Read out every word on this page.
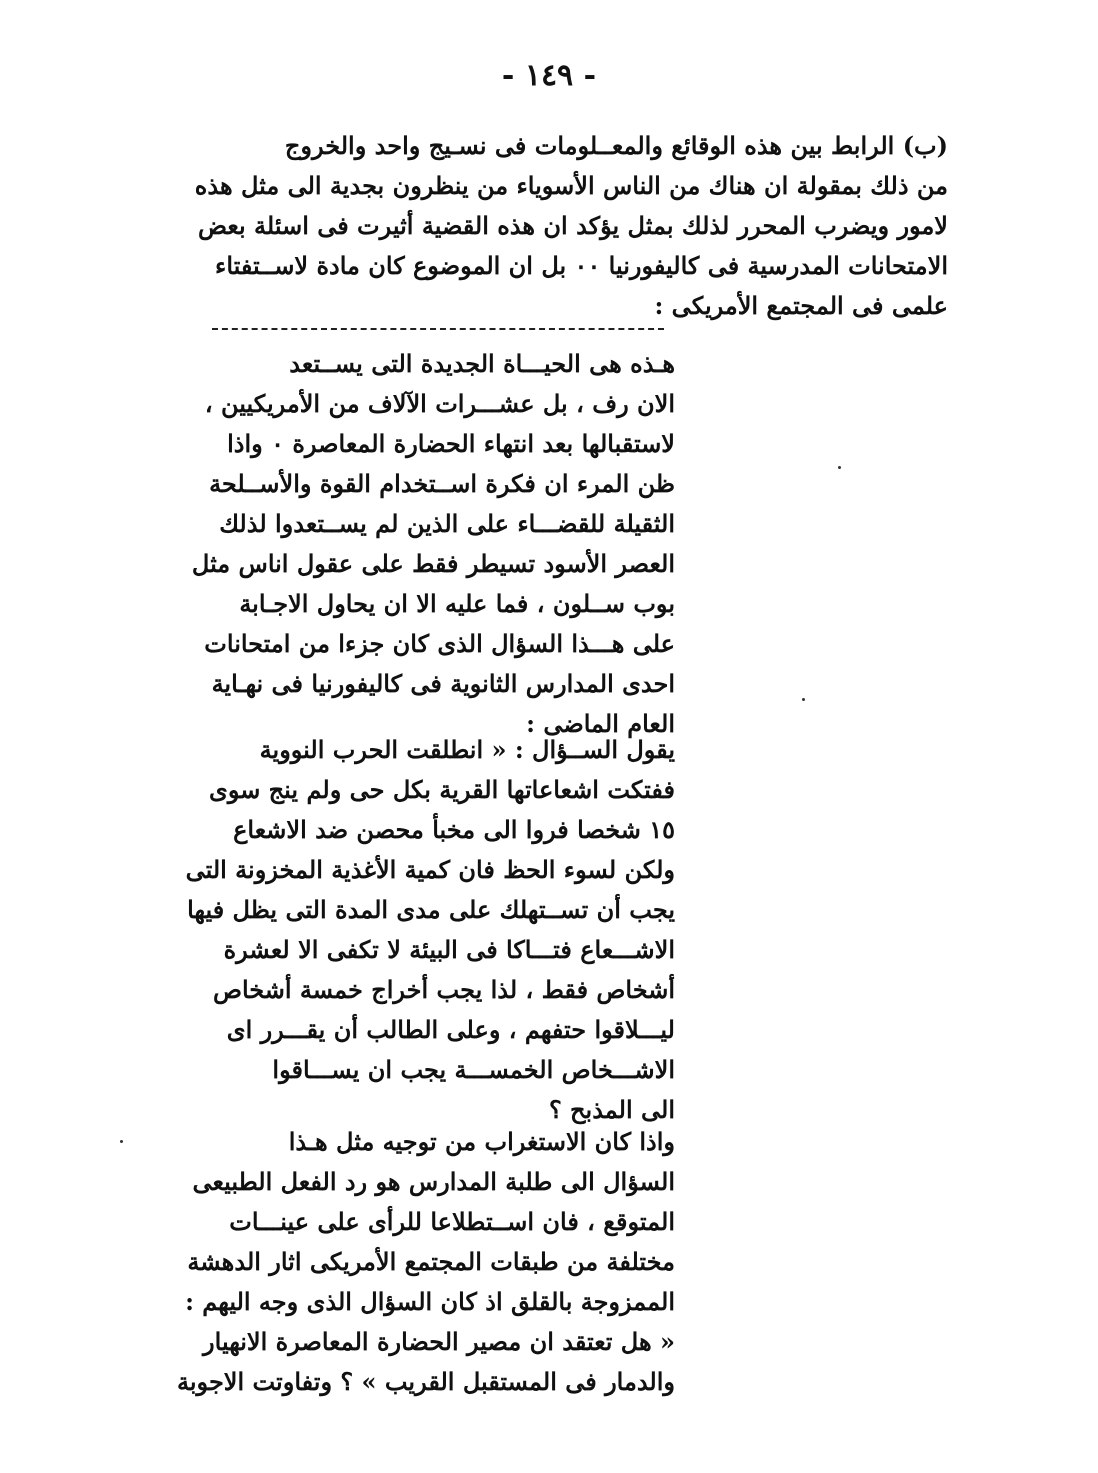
- ١٤٩ -
(ب) الرابط بين هذه الوقائع والمعــلومات فى نسـيج واحد والخروج
من ذلك بمقولة ان هناك من الناس الأسوياء من ينظرون بجدية الى مثل هذه
لامور ويضرب المحرر لذلك بمثل يؤكد ان هذه القضية أثيرت فى اسئلة بعض
الامتحانات المدرسية فى كاليفورنيا ٠٠ بل ان الموضوع كان مادة لاســتفتاء
علمى فى المجتمع الأمريكى :
هـذه هى الحيـــاة الجديدة التى يســتعد
الان رف ، بل عشـــرات الآلاف من الأمريكيين ،
لاستقبالها بعد انتهاء الحضارة المعاصرة ٠ واذا
ظن المرء ان فكرة اســتخدام القوة والأســلحة
الثقيلة للقضـــاء على الذين لم يســتعدوا لذلك
العصر الأسود تسيطر فقط على عقول اناس مثل
بوب ســلون ، فما عليه الا ان يحاول الاجـابة
على هـــذا السؤال الذى كان جزءا من امتحانات
احدى المدارس الثانوية فى كاليفورنيا فى نهـاية
العام الماضى :
يقول الســؤال : « انطلقت الحرب النووية
ففتكت اشعاعاتها القرية بكل حى ولم ينج سوى
١٥ شخصا فروا الى مخبأ محصن ضد الاشعاع
ولكن لسوء الحظ فان كمية الأغذية المخزونة التى
يجب أن تســتهلك على مدى المدة التى يظل فيها
الاشـــعاع فتـــاكا فى البيئة لا تكفى الا لعشرة
أشخاص فقط ، لذا يجب أخراج خمسة أشخاص
ليـــلاقوا حتفهم ، وعلى الطالب أن يقـــرر اى
الاشـــخاص الخمســـة يجب ان يســـاقوا
الى المذبح ؟
واذا كان الاستغراب من توجيه مثل هـذا
السؤال الى طلبة المدارس هو رد الفعل الطبيعى
المتوقع ، فان اســتطلاعا للرأى على عينـــات
مختلفة من طبقات المجتمع الأمريكى اثار الدهشة
الممزوجة بالقلق اذ كان السؤال الذى وجه اليهم :
« هل تعتقد ان مصير الحضارة المعاصرة الانهيار
والدمار فى المستقبل القريب » ؟ وتفاوتت الاجوبة
